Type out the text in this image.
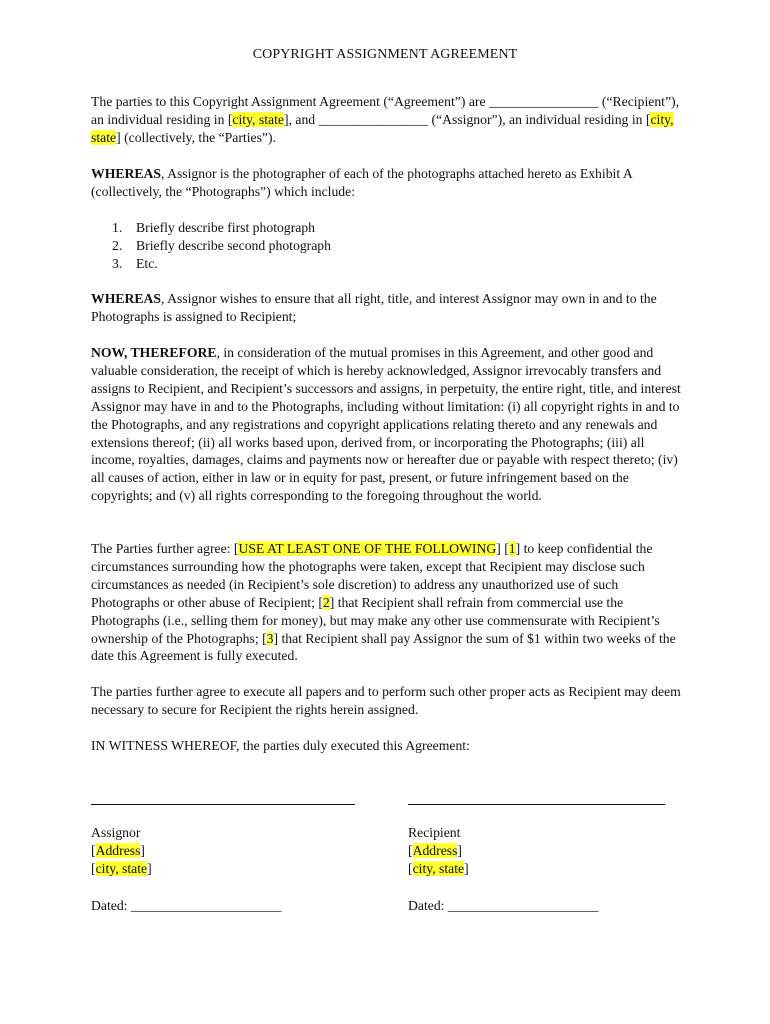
COPYRIGHT ASSIGNMENT AGREEMENT

The parties to this Copyright Assignment Agreement (“Agreement”) are ________________ (“Recipient”), an individual residing in [city, state], and ________________ (“Assignor”), an individual residing in [city, state] (collectively, the “Parties”).

WHEREAS, Assignor is the photographer of each of the photographs attached hereto as Exhibit A (collectively, the “Photographs”) which include:

1. Briefly describe first photograph
2. Briefly describe second photograph
3. Etc.

WHEREAS, Assignor wishes to ensure that all right, title, and interest Assignor may own in and to the Photographs is assigned to Recipient;

NOW, THEREFORE, in consideration of the mutual promises in this Agreement, and other good and valuable consideration, the receipt of which is hereby acknowledged, Assignor irrevocably transfers and assigns to Recipient, and Recipient’s successors and assigns, in perpetuity, the entire right, title, and interest Assignor may have in and to the Photographs, including without limitation: (i) all copyright rights in and to the Photographs, and any registrations and copyright applications relating thereto and any renewals and extensions thereof; (ii) all works based upon, derived from, or incorporating the Photographs; (iii) all income, royalties, damages, claims and payments now or hereafter due or payable with respect thereto; (iv) all causes of action, either in law or in equity for past, present, or future infringement based on the copyrights; and (v) all rights corresponding to the foregoing throughout the world.

The Parties further agree: [USE AT LEAST ONE OF THE FOLLOWING] [1] to keep confidential the circumstances surrounding how the photographs were taken, except that Recipient may disclose such circumstances as needed (in Recipient’s sole discretion) to address any unauthorized use of such Photographs or other abuse of Recipient; [2] that Recipient shall refrain from commercial use the Photographs (i.e., selling them for money), but may make any other use commensurate with Recipient’s ownership of the Photographs; [3] that Recipient shall pay Assignor the sum of $1 within two weeks of the date this Agreement is fully executed.

The parties further agree to execute all papers and to perform such other proper acts as Recipient may deem necessary to secure for Recipient the rights herein assigned.

IN WITNESS WHEREOF, the parties duly executed this Agreement:

Assignor
[Address]
[city, state]
Recipient
[Address]
[city, state]
Dated: ______________________	Dated: ______________________
